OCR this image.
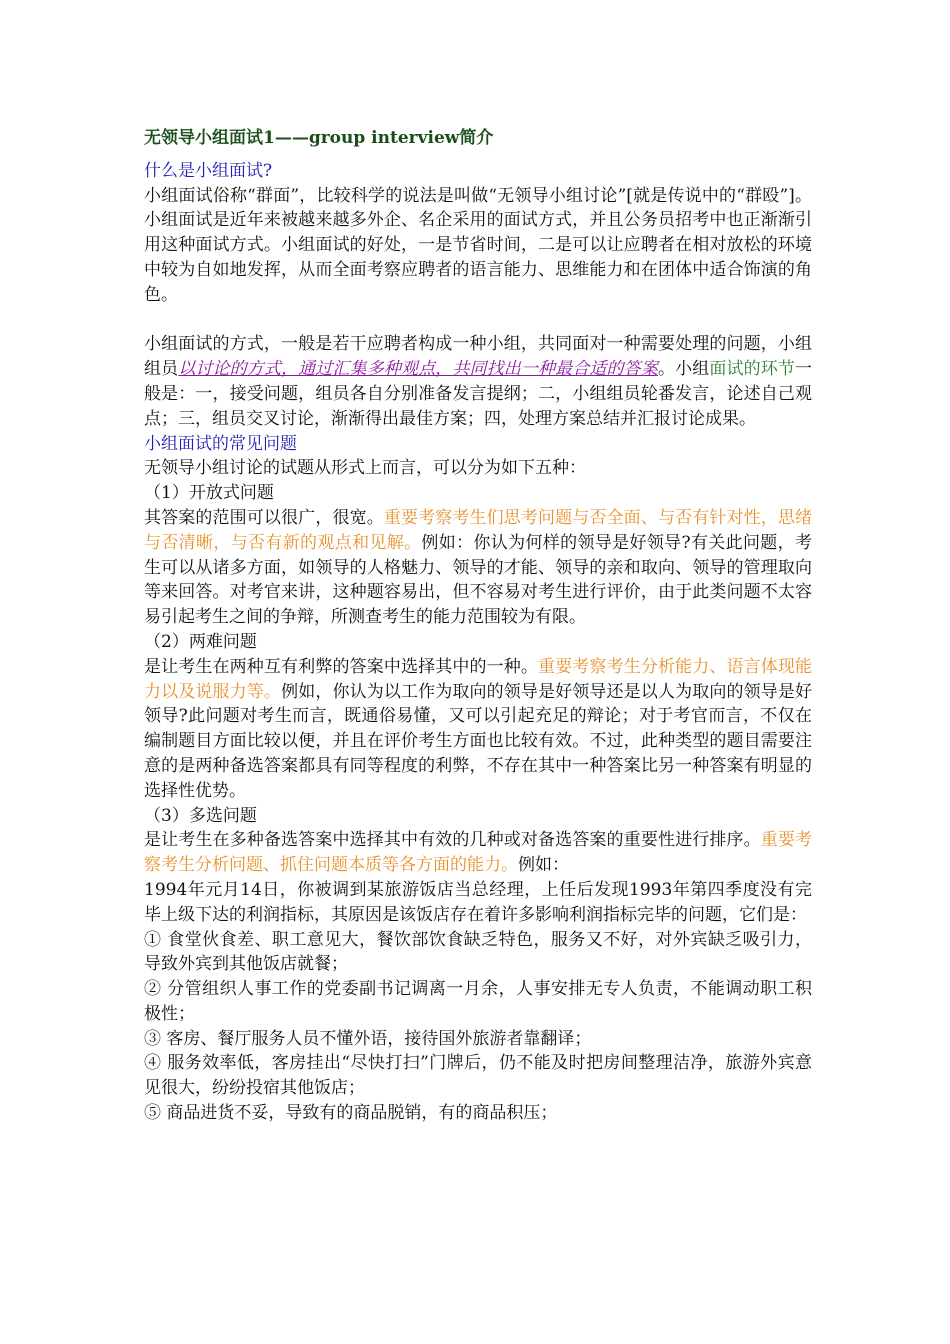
无领导小组面试1——group interview简介

什么是小组面试?

小组面试俗称“群面”，比较科学的说法是叫做“无领导小组讨论”[就是传说中的“群殴”]。小组面试是近年来被越来越多外企、名企采用的面试方式，并且公务员招考中也正渐渐引用这种面试方式。小组面试的好处，一是节省时间，二是可以让应聘者在相对放松的环境中较为自如地发挥，从而全面考察应聘者的语言能力、思维能力和在团体中适合饰演的角色。

小组面试的方式，一般是若干应聘者构成一种小组，共同面对一种需要处理的问题，小组组员以讨论的方式，通过汇集多种观点，共同找出一种最合适的答案。小组面试的环节一般是：一，接受问题，组员各自分别准备发言提纲；二，小组组员轮番发言，论述自己观点；三，组员交叉讨论，渐渐得出最佳方案；四，处理方案总结并汇报讨论成果。

小组面试的常见问题

无领导小组讨论的试题从形式上而言，可以分为如下五种：

（1）开放式问题

其答案的范围可以很广，很宽。重要考察考生们思考问题与否全面、与否有针对性，思绪与否清晰，与否有新的观点和见解。例如：你认为何样的领导是好领导?有关此问题，考生可以从诸多方面，如领导的人格魅力、领导的才能、领导的亲和取向、领导的管理取向等来回答。对考官来讲，这种题容易出，但不容易对考生进行评价，由于此类问题不太容易引起考生之间的争辩，所测查考生的能力范围较为有限。

（2）两难问题

是让考生在两种互有利弊的答案中选择其中的一种。重要考察考生分析能力、语言体现能力以及说服力等。例如，你认为以工作为取向的领导是好领导还是以人为取向的领导是好领导?此问题对考生而言，既通俗易懂，又可以引起充足的辩论；对于考官而言，不仅在编制题目方面比较以便，并且在评价考生方面也比较有效。不过，此种类型的题目需要注意的是两种备选答案都具有同等程度的利弊，不存在其中一种答案比另一种答案有明显的选择性优势。

（3）多选问题

是让考生在多种备选答案中选择其中有效的几种或对备选答案的重要性进行排序。重要考察考生分析问题、抓住问题本质等各方面的能力。例如：

1994年元月14日，你被调到某旅游饭店当总经理，上任后发现1993年第四季度没有完毕上级下达的利润指标，其原因是该饭店存在着许多影响利润指标完毕的问题，它们是：

① 食堂伙食差、职工意见大，餐饮部饮食缺乏特色，服务又不好，对外宾缺乏吸引力，导致外宾到其他饭店就餐；

② 分管组织人事工作的党委副书记调离一月余，人事安排无专人负责，不能调动职工积极性；

③ 客房、餐厅服务人员不懂外语，接待国外旅游者靠翻译；

④ 服务效率低，客房挂出“尽快打扫”门牌后，仍不能及时把房间整理洁净，旅游外宾意见很大，纷纷投宿其他饭店；

⑤ 商品进货不妥，导致有的商品脱销，有的商品积压；
